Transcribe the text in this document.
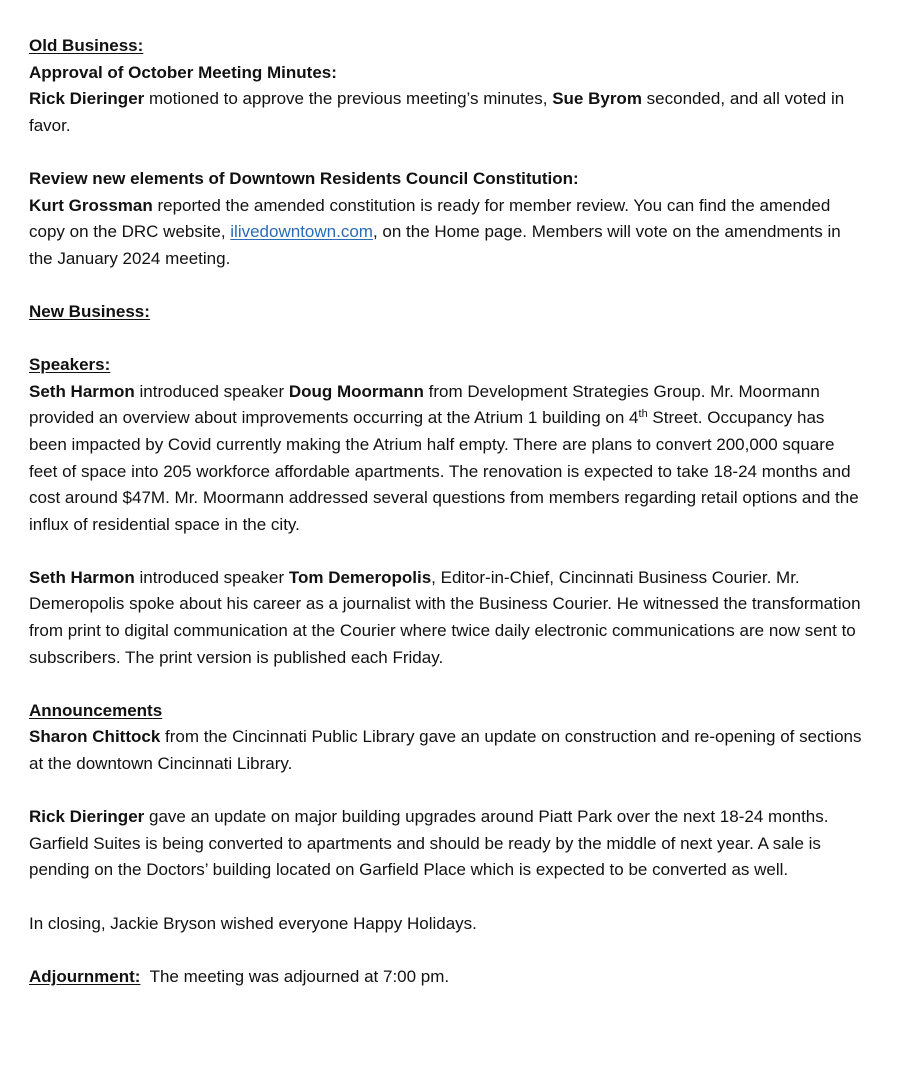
Old Business:

Approval of October Meeting Minutes:

Rick Dieringer motioned to approve the previous meeting’s minutes, Sue Byrom seconded, and all voted in favor.

Review new elements of Downtown Residents Council Constitution:

Kurt Grossman reported the amended constitution is ready for member review. You can find the amended copy on the DRC website, ilivedowntown.com, on the Home page. Members will vote on the amendments in the January 2024 meeting.

New Business:

Speakers:

Seth Harmon introduced speaker Doug Moormann from Development Strategies Group. Mr. Moormann provided an overview about improvements occurring at the Atrium 1 building on 4th Street. Occupancy has been impacted by Covid currently making the Atrium half empty. There are plans to convert 200,000 square feet of space into 205 workforce affordable apartments. The renovation is expected to take 18-24 months and cost around $47M. Mr. Moormann addressed several questions from members regarding retail options and the influx of residential space in the city.

Seth Harmon introduced speaker Tom Demeropolis, Editor-in-Chief, Cincinnati Business Courier. Mr. Demeropolis spoke about his career as a journalist with the Business Courier. He witnessed the transformation from print to digital communication at the Courier where twice daily electronic communications are now sent to subscribers. The print version is published each Friday.

Announcements

Sharon Chittock from the Cincinnati Public Library gave an update on construction and re-opening of sections at the downtown Cincinnati Library.

Rick Dieringer gave an update on major building upgrades around Piatt Park over the next 18-24 months. Garfield Suites is being converted to apartments and should be ready by the middle of next year. A sale is pending on the Doctors’ building located on Garfield Place which is expected to be converted as well.

In closing, Jackie Bryson wished everyone Happy Holidays.

Adjournment:  The meeting was adjourned at 7:00 pm.
